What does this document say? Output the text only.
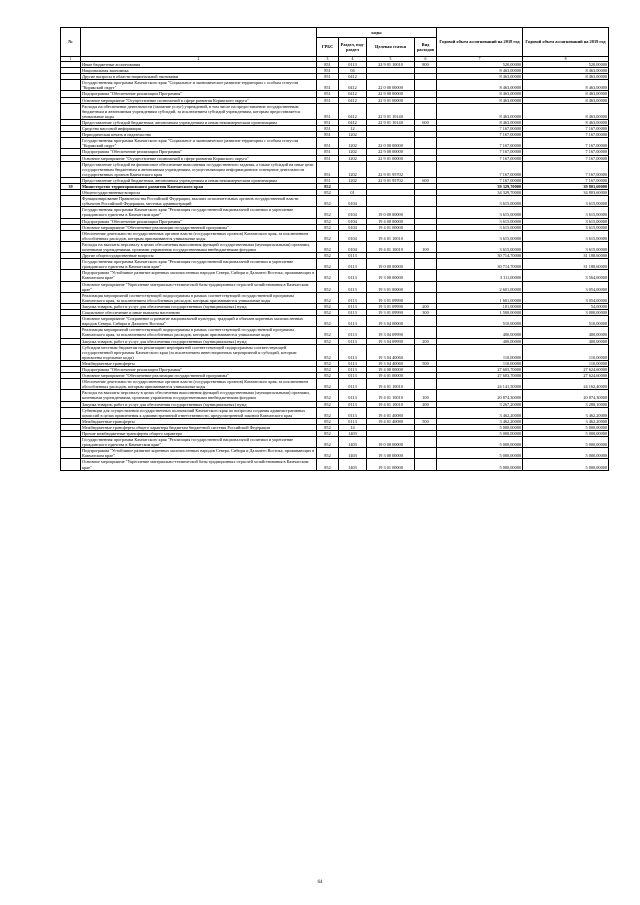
№		коды				Годовой объем ассигнований на 2018 год	Годовой объем ассигнований на 2019 год
		ГРБС	Раздел, под-раздел	Целевая статья	Вид расходов		
1	2	3	4	5	6	7	8
	Иные бюджетные ассигнования	851	0113	22 9 01 10010	800	520,00000	520,00000
	Национальная экономика	851	04			8 463,00000	8 463,00000
	Другие вопросы в области национальной экономики	851	0412			8 463,00000	8 463,00000
	Государственная программа Камчатского края "Социальное и экономическое развитие территории с особым статусом "Корякский округ"	851	0412	22 0 00 00000		8 463,00000	8 463,00000
	Подпрограмма "Обеспечение реализации Программы"	851	0412	22 9 00 00000		8 463,00000	8 463,00000
	Основное мероприятие "Осуществление полномочий в сфере развития Корякского округа"	851	0412	22 9 01 00000		8 463,00000	8 463,00000
	Расходы на обеспечение деятельности (оказание услуг) учреждений, в том числе на предоставление государственным бюджетным и автономным учреждениям субсидий, за исключением субсидий учреждениям, которым предоставляется уникальные коды	851	0412	22 9 01 10140		8 463,00000	8 463,00000
	Предоставление субсидий бюджетным, автономным учреждениям и иным некоммерческим организациям	851	0412	22 9 01 10140	600	8 463,00000	8 463,00000
	Средства массовой информации	851	12			7 167,00000	7 167,00000
	Периодическая печать и издательства	851	1202			7 167,00000	7 167,00000
	Государственная программа Камчатского края "Социальное и экономическое развитие территории с особым статусом "Корякский округ"	851	1202	22 0 00 00000		7 167,00000	7 167,00000
	Подпрограмма "Обеспечение реализации Программы"	851	1202	22 9 00 00000		7 167,00000	7 167,00000
	Основное мероприятие "Осуществление полномочий в сфере развития Корякского округа"	851	1202	22 9 01 00000		7 167,00000	7 167,00000
	Предоставление субсидий на финансовое обеспечение выполнения государственного задания, а также субсидий на иные цели государственным бюджетным и автономным учреждениям, осуществляющим информационное освещение деятельности государственных органов Камчатского края	851	1202	22 9 01 95702		7 167,00000	7 167,00000
	Предоставление субсидий бюджетным, автономным учреждениям и иным некоммерческим организациям	851	1202	22 9 01 95702	600	7 167,00000	7 167,00000
39	Министерство территориального развития Камчатского края	852				39 329,70000	39 803,60000
	Общегосударственные вопросы	852	01			34 329,70000	34 803,60000
	Функционирование Правительства Российской Федерации, высших исполнительных органов государственной власти субъектов Российской Федерации, местных администраций	852	0104			3 615,00000	3 615,00000
	Государственная программа Камчатского края "Реализация государственной национальной политики и укрепление гражданского единства в Камчатском крае"	852	0104	19 0 00 00000		3 615,00000	3 615,00000
	Подпрограмма "Обеспечение реализации Программы"	852	0104	19 4 00 00000		3 615,00000	3 615,00000
	Основное мероприятие "Обеспечение реализации государственной программы"	852	0104	19 4 01 00000		3 615,00000	3 615,00000
	Обеспечение деятельности государственных органов власти (государственных органов) Камчатского края, за исключением обособленных расходов, которым присваиваются уникальные коды	852	0104	19 4 01 10010		3 615,00000	3 615,00000
	Расходы на выплаты персоналу в целях обеспечения выполнения функций государственными (муниципальными) органами, казенными учреждениями, органами управления государственными внебюджетными фондами	852	0104	19 4 01 10010	100	3 615,00000	3 615,00000
	Другие общегосударственные вопросы	852	0113			30 714,70000	31 188,60000
	Государственная программа Камчатского края "Реализация государственной национальной политики и укрепление гражданского единства в Камчатском крае"	852	0113	19 0 00 00000		30 714,70000	31 188,60000
	Подпрограмма "Устойчивое развитие коренных малочисленных народов Севера, Сибири и Дальнего Востока, проживающих в Камчатском крае"	852	0113	19 3 00 00000		3 111,00000	3 564,00000
	Основное мероприятие "Укрепление материально-технической базы традиционных отраслей хозяйствования в Камчатском крае"	852	0113	19 3 01 00000		2 601,00000	3 054,00000
	Реализация мероприятий соответствующей подпрограммы в рамках соответствующей государственной программы Камчатского края, за исключением обособленных расходов, которым присваиваются уникальные коды	852	0113	19 3 01 09990		1 601,00000	3 054,00000
	Закупка товаров, работ и услуг для обеспечения государственных (муниципальных) нужд	852	0113	19 3 01 09990	200	101,00000	54,00000
	Социальное обеспечение и иные выплаты населению	852	0113	19 3 01 09990	300	1 500,00000	3 000,00000
	Основное мероприятие "Сохранение и развитие национальной культуры, традиций и обычаев коренных малочисленных народов Севера, Сибири и Дальнего Востока"	852	0113	19 3 04 00000		510,00000	510,00000
	Реализация мероприятий соответствующей подпрограммы в рамках соответствующей государственной программы Камчатского края, за исключением обособленных расходов, которым присваиваются уникальные коды	852	0113	19 3 04 09990		400,00000	400,00000
	Закупка товаров, работ и услуг для обеспечения государственных (муниципальных) нужд	852	0113	19 3 04 09990	200	400,00000	400,00000
	Субсидии местным бюджетам на реализацию мероприятий соответствующей подпрограммы соответствующей государственной программы Камчатского края (за исключением инвестиционных мероприятий и субсидий, которым присвоены отдельные коды)	852	0113	19 3 04 40060		110,00000	110,00000
	Межбюджетные трансферты	852	0113	19 3 04 40060	500	110,00000	110,00000
	Подпрограмма "Обеспечение реализации Программы"	852	0113	19 4 00 00000		27 603,70000	27 624,60000
	Основное мероприятие "Обеспечение реализации государственной программы"	852	0113	19 4 01 00000		27 603,70000	27 624,60000
	Обеспечение деятельности государственных органов власти (государственных органов) Камчатского края, за исключением обособленных расходов, которым присваиваются уникальные коды	852	0113	19 4 01 10010		24 141,50000	24 162,40000
	Расходы на выплаты персоналу в целях обеспечения выполнения функций государственными (муниципальными) органами, казенными учреждениями, органами управления государственными внебюджетными фондами	852	0113	19 4 01 10010	100	20 874,30000	20 874,30000
	Закупка товаров, работ и услуг для обеспечения государственных (муниципальных) нужд	852	0113	19 4 01 10010	200	3 267,20000	3 288,10000
	Субвенции для осуществления государственных полномочий Камчатского края по вопросам создания административных комиссий в целях привлечения к административной ответственности, предусмотренной законом Камчатского края	852	0113	19 4 01 40080		3 462,20000	3 462,20000
	Межбюджетные трансферты	852	0113	19 4 01 40080	500	3 462,20000	3 462,20000
	Межбюджетные трансферты общего характера бюджетам бюджетной системы Российской Федерации	852	14			5 000,00000	5 000,00000
	Прочие межбюджетные трансферты общего характера	852	1403			5 000,00000	5 000,00000
	Государственная программа Камчатского края "Реализация государственной национальной политики и укрепление гражданского единства в Камчатском крае"	852	1403	19 0 00 00000		5 000,00000	5 000,00000
	Подпрограмма "Устойчивое развитие коренных малочисленных народов Севера, Сибири и Дальнего Востока, проживающих в Камчатском крае"	852	1403	19 3 00 00000		5 000,00000	5 000,00000
	Основное мероприятие "Укрепление материально-технической базы традиционных отраслей хозяйствования в Камчатском крае"	852	1403	19 3 01 00000		5 000,00000	5 000,00000
64
